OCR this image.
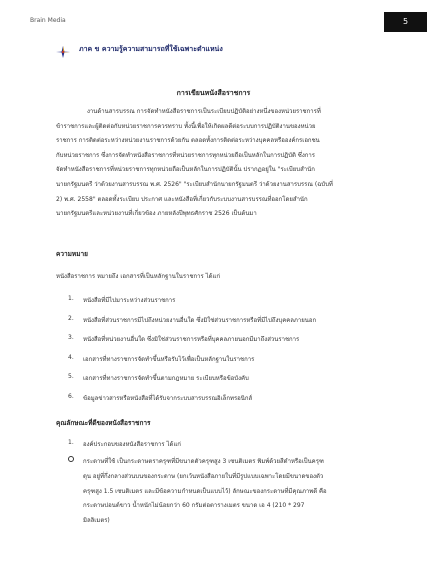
Brain Media	5
ภาค ข ความรู้ความสามารถที่ใช้เฉพาะตำแหน่ง
การเขียนหนังสือราชการ
งานด้านสารบรรณ การจัดทำหนังสือราชการเป็นระเบียบปฏิบัติอย่างหนึ่งของหน่วยราชการที่
ข้าราชการและผู้ติดต่อกับหน่วยราชการควรทราบ ทั้งนี้เพื่อให้เกิดผลดีต่อระบบการปฏิบัติงานของหน่วย
ราชการ การติดต่อระหว่างหน่วยงานราชการด้วยกัน ตลอดทั้งการติดต่อระหว่างบุคคลหรือองค์กรเอกชน
กับหน่วยราชการ ซึ่งการจัดทำหนังสือราชการที่หน่วยราชการทุกหน่วยถือเป็นหลักในการปฏิบัติ ซึ่งการ
จัดทำหนังสือราชการที่หน่วยราชการทุกหน่วยถือเป็นหลักในการปฏิบัตินั้น ปรากฏอยู่ใน "ระเบียบสำนัก
นายกรัฐมนตรี ว่าด้วยงานสารบรรณ พ.ศ. 2526" "ระเบียบสำนักนายกรัฐมนตรี ว่าด้วยงานสารบรรณ (ฉบับที่
2) พ.ศ. 2558" ตลอดทั้งระเบียบ ประกาศ และหนังสือที่เกี่ยวกับระบบงานสารบรรณที่ออกโดยสำนัก
นายกรัฐมนตรีและหน่วยงานที่เกี่ยวข้อง ภายหลังปีพุทธศักราช 2526 เป็นต้นมา
ความหมาย
หนังสือราชการ หมายถึง เอกสารที่เป็นหลักฐานในราชการ ได้แก่
1.	หนังสือที่มีไปมาระหว่างส่วนราชการ
2.	หนังสือที่ส่วนราชการมีไปถึงหน่วยงานอื่นใด ซึ่งมิใช่ส่วนราชการหรือที่มีไปถึงบุคคลภายนอก
3.	หนังสือที่หน่วยงานอื่นใด ซึ่งมิใช่ส่วนราชการหรือที่บุคคลภายนอกมีมาถึงส่วนราชการ
4.	เอกสารที่ทางราชการจัดทำขึ้นหรือรับไว้เพื่อเป็นหลักฐานในราชการ
5.	เอกสารที่ทางราชการจัดทำขึ้นตามกฎหมาย ระเบียบหรือข้อบังคับ
6.	ข้อมูลข่าวสารหรือหนังสือที่ได้รับจากระบบสารบรรณอิเล็กทรอนิกส์
คุณลักษณะที่ดีของหนังสือราชการ
1.	องค์ประกอบของหนังสือราชการ ได้แก่
กระดาษที่ใช้ เป็นกระดาษตราครุฑที่มีขนาดตัวครุฑสูง 3 เซนติเมตร พิมพ์ด้วยสีดำหรือเป็นครุฑ
ดุน อยู่ที่กึ่งกลางส่วนบนของกระดาษ (ยกเว้นหนังสือภายในที่มีรูปแบบเฉพาะโดยมีขนาดของตัว
ครุฑสูง 1.5 เซนติเมตร และมีข้อความกำหนดเป็นแบบไว้) ลักษณะของกระดาษที่มีคุณภาพดี คือ
กระดาษปอนด์ขาว น้ำหนักไม่น้อยกว่า 60 กรัมต่อตารางเมตร ขนาด เอ 4 (210 * 297
มิลลิเมตร)
